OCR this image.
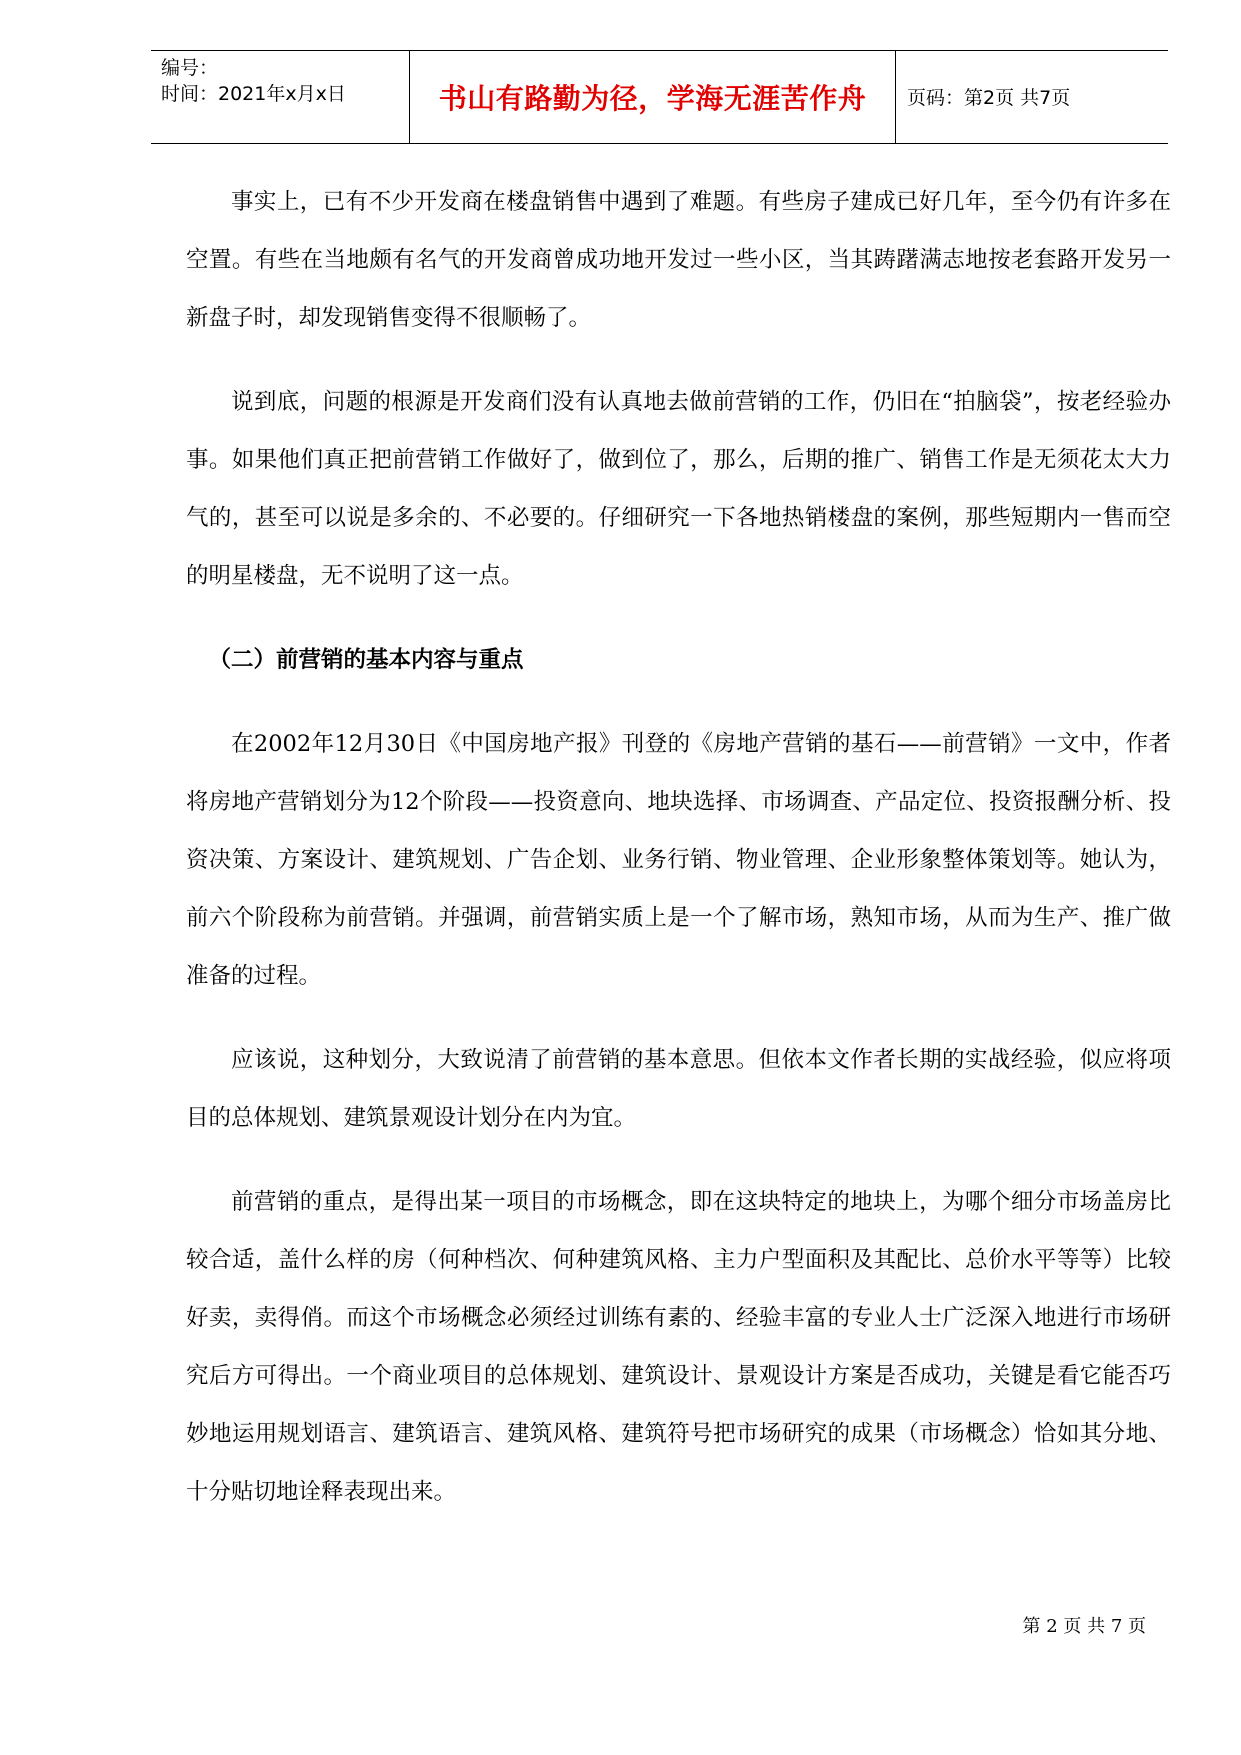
编号：
时间：2021年x月x日	书山有路勤为径，学海无涯苦作舟	页码：第2页 共7页

事实上，已有不少开发商在楼盘销售中遇到了难题。有些房子建成已好几年，至今仍有许多在空置。有些在当地颇有名气的开发商曾成功地开发过一些小区，当其踌躇满志地按老套路开发另一新盘子时，却发现销售变得不很顺畅了。

说到底，问题的根源是开发商们没有认真地去做前营销的工作，仍旧在“拍脑袋”，按老经验办事。如果他们真正把前营销工作做好了，做到位了，那么，后期的推广、销售工作是无须花太大力气的，甚至可以说是多余的、不必要的。仔细研究一下各地热销楼盘的案例，那些短期内一售而空的明星楼盘，无不说明了这一点。

（二）前营销的基本内容与重点

在2002年12月30日《中国房地产报》刊登的《房地产营销的基石——前营销》一文中，作者将房地产营销划分为12个阶段——投资意向、地块选择、市场调查、产品定位、投资报酬分析、投资决策、方案设计、建筑规划、广告企划、业务行销、物业管理、企业形象整体策划等。她认为，前六个阶段称为前营销。并强调，前营销实质上是一个了解市场，熟知市场，从而为生产、推广做准备的过程。

应该说，这种划分，大致说清了前营销的基本意思。但依本文作者长期的实战经验，似应将项目的总体规划、建筑景观设计划分在内为宜。

前营销的重点，是得出某一项目的市场概念，即在这块特定的地块上，为哪个细分市场盖房比较合适，盖什么样的房（何种档次、何种建筑风格、主力户型面积及其配比、总价水平等等）比较好卖，卖得俏。而这个市场概念必须经过训练有素的、经验丰富的专业人士广泛深入地进行市场研究后方可得出。一个商业项目的总体规划、建筑设计、景观设计方案是否成功，关键是看它能否巧妙地运用规划语言、建筑语言、建筑风格、建筑符号把市场研究的成果（市场概念）恰如其分地、十分贴切地诠释表现出来。

第 2 页 共 7 页
